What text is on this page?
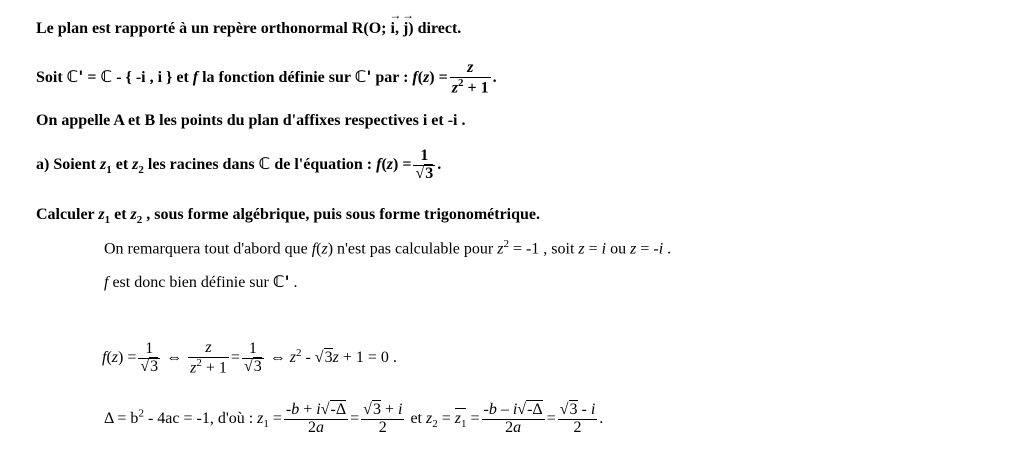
Le plan est rapporté à un repère orthonormal R(O; → i, → j) direct.
Soit ℂ' = ℂ - { -i , i } et f la fonction définie sur ℂ' par : $f(z) = \frac{z}{z^2 + 1}$ .
On appelle A et B les points du plan d'affixes respectives i et -i .
a) Soient $z_1$ et $z_2$ les racines dans ℂ de l'équation : $f(z) = \frac{1}{√3}$ .
Calculer $z_1$ et $z_2$ , sous forme algébrique, puis sous forme trigonométrique.
On remarquera tout d'abord que f(z) n'est pas calculable pour $z^2 = -1$ , soit z = i ou z = -i .
f est donc bien définie sur ℂ' .
$f(z) = \frac{1}{√3}$ ⇔ $\frac{z}{z^2 + 1} = \frac{1}{√3}$ ⇔ $z^2 - √3z + 1 = 0$ .
$\Delta = b^2 - 4ac = -1$, d'où : $z_1 = \frac{-b + i√-\Delta}{2a} = \frac{√3 + i}{2}$ et $z_2 = z_1 = \frac{-b - i√-\Delta}{2a} = \frac{√3 - i}{2}$ .
